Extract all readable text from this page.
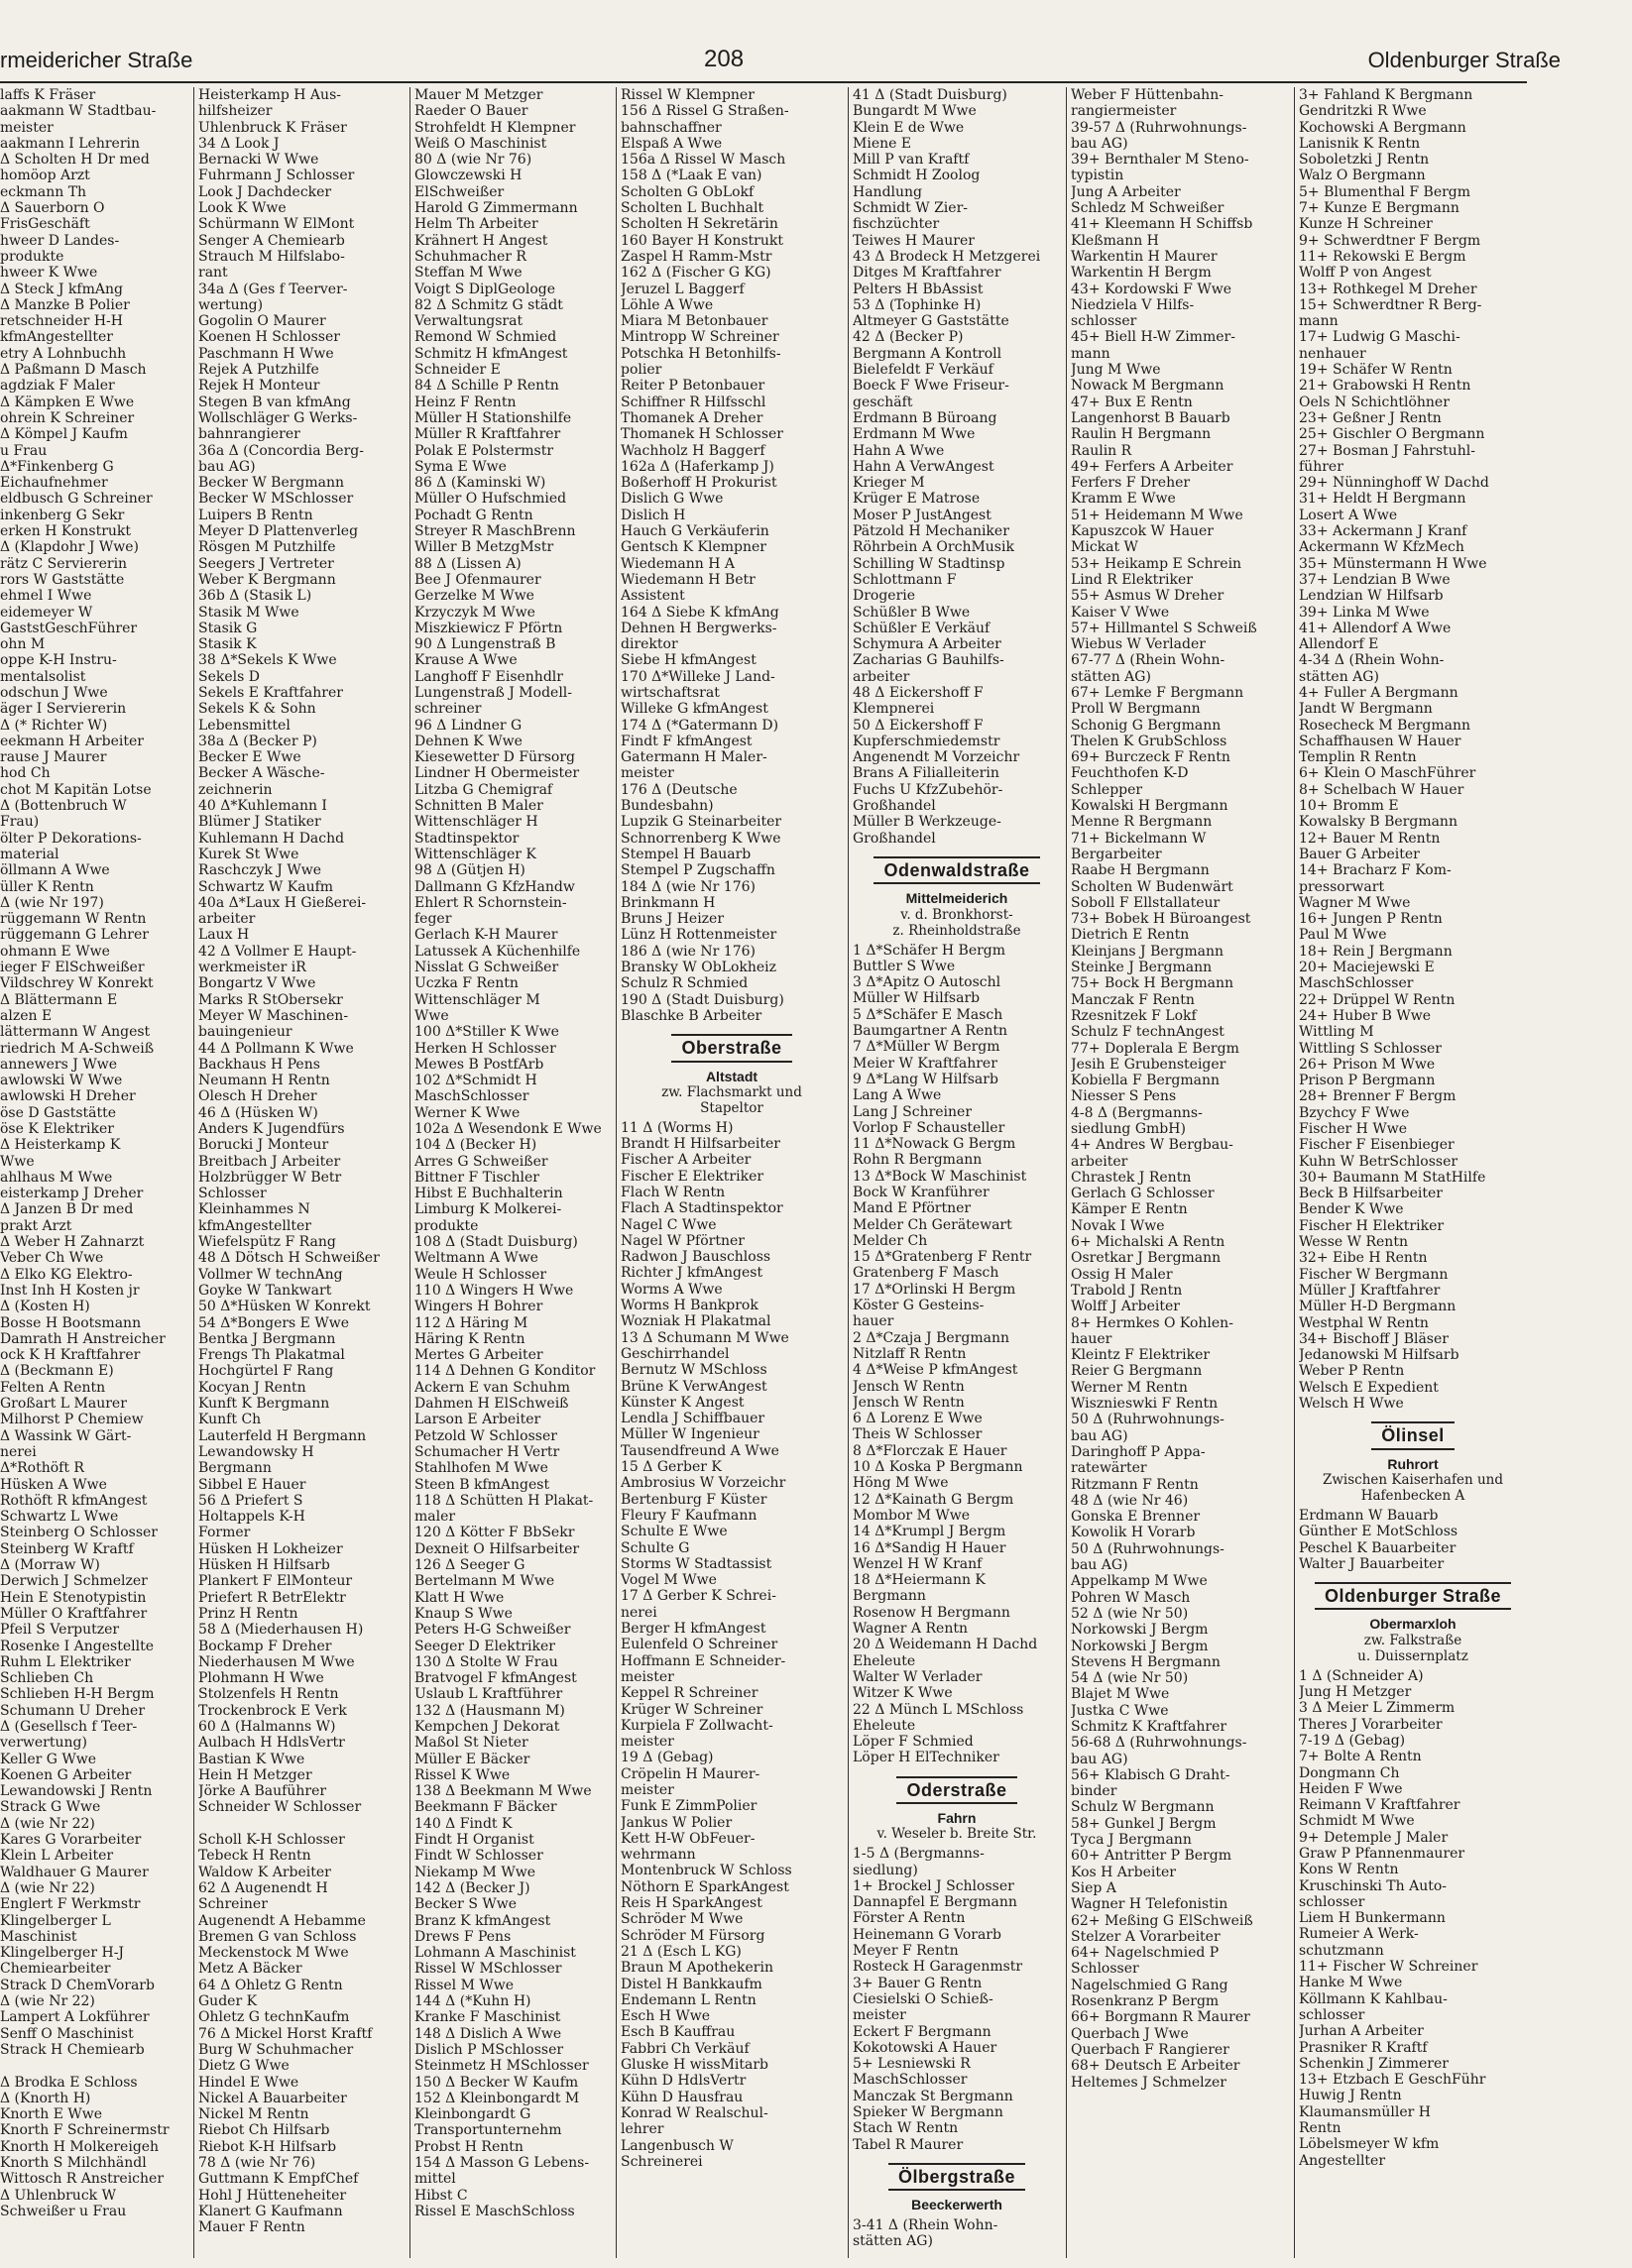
rmeidericher Straße	208	Oldenburger Straße
laffs K Fräser
aakmann W Stadtbau-
meister
aakmann I Lehrerin
Δ Scholten H Dr med
homöop Arzt
eckmann Th
Δ Sauerborn O
FrisGeschäft
hweer D Landes-
produkte
hweer K Wwe
Δ Steck J kfmAng
Δ Manzke B Polier
retschneider H-H
kfmAngestellter
etry A Lohnbuchh
Δ Paßmann D Masch
agdziak F Maler
Δ Kämpken E Wwe
ohrein K Schreiner
Δ Kömpel J Kaufm
u Frau
Δ*Finkenberg G
Eichaufnehmer
eldbusch G Schreiner
inkenberg G Sekr
erken H Konstrukt
Δ (Klapdohr J Wwe)
rätz C Serviererin
rors W Gaststätte
ehmel I Wwe
eidemeyer W
GaststGeschFührer
ohn M
oppe K-H Instru-
mentalsolist
odschun J Wwe
äger I Serviererin
Δ (* Richter W)
eekmann H Arbeiter
rause J Maurer
hod Ch
chot M Kapitän Lotse
Δ (Bottenbruch W
Frau)
ölter P Dekorations-
material
öllmann A Wwe
üller K Rentn
Δ (wie Nr 197)
rüggemann W Rentn
rüggemann G Lehrer
ohmann E Wwe
ieger F ElSchweißer
Vildschrey W Konrekt
Δ Blättermann E
alzen E
lättermann W Angest
riedrich M A-Schweiß
annewers J Wwe
awlowski W Wwe
awlowski H Dreher
öse D Gaststätte
öse K Elektriker
Δ Heisterkamp K
Wwe
ahlhaus M Wwe
eisterkamp J Dreher
Δ Janzen B Dr med
prakt Arzt
Δ Weber H Zahnarzt
Veber Ch Wwe
Δ Elko KG Elektro-
Inst Inh H Kosten jr
Δ (Kosten H)
Bosse H Bootsmann
Damrath H Anstreicher
ock K H Kraftfahrer
Δ (Beckmann E)
Felten A Rentn
Großart L Maurer
Milhorst P Chemiew
Δ Wassink W Gärt-
nerei
Δ*Rothöft R
Hüsken A Wwe
Rothöft R kfmAngest
Schwartz L Wwe
Steinberg O Schlosser
Steinberg W Kraftf
Δ (Morraw W)
Derwich J Schmelzer
Hein E Stenotypistin
Müller O Kraftfahrer
Pfeil S Verputzer
Rosenke I Angestellte
Ruhm L Elektriker
Schlieben Ch
Schlieben H-H Bergm
Schumann U Dreher
Δ (Gesellsch f Teer-
verwertung)
Keller G Wwe
Koenen G Arbeiter
Lewandowski J Rentn
Strack G Wwe
Δ (wie Nr 22)
Kares G Vorarbeiter
Klein L Arbeiter
Waldhauer G Maurer
Δ (wie Nr 22)
Englert F Werkmstr
Klingelberger L
Maschinist
Klingelberger H-J
Chemiearbeiter
Strack D ChemVorarb
Δ (wie Nr 22)
Lampert A Lokführer
Senff O Maschinist
Strack H Chemiearb

Δ Brodka E Schloss
Δ (Knorth H)
Knorth E Wwe
Knorth F Schreinermstr
Knorth H Molkereigeh
Knorth S Milchhändl
Wittosch R Anstreicher
Δ Uhlenbruck W
Schweißer u Frau
Heisterkamp H Aus-
hilfsheizer
Uhlenbruck K Fräser
34 Δ Look J
Bernacki W Wwe
Fuhrmann J Schlosser
Look J Dachdecker
Look K Wwe
Schürmann W ElMont
Senger A Chemiearb
Strauch M Hilfslabo-
rant
34a Δ (Ges f Teerver-
wertung)
Gogolin O Maurer
Koenen H Schlosser
Paschmann H Wwe
Rejek A Putzhilfe
Rejek H Monteur
Stegen B van kfmAng
Wollschläger G Werks-
bahnrangierer
36a Δ (Concordia Berg-
bau AG)
Becker W Bergmann
Becker W MSchlosser
Luipers B Rentn
Meyer D Plattenverleg
Rösgen M Putzhilfe
Seegers J Vertreter
Weber K Bergmann
36b Δ (Stasik L)
Stasik M Wwe
Stasik G
Stasik K
38 Δ*Sekels K Wwe
Sekels D
Sekels E Kraftfahrer
Sekels K & Sohn
Lebensmittel
38a Δ (Becker P)
Becker E Wwe
Becker A Wäsche-
zeichnerin
40 Δ*Kuhlemann I
Blümer J Statiker
Kuhlemann H Dachd
Kurek St Wwe
Raschczyk J Wwe
Schwartz W Kaufm
40a Δ*Laux H Gießerei-
arbeiter
Laux H
42 Δ Vollmer E Haupt-
werkmeister iR
Bongartz V Wwe
Marks R StObersekr
Meyer W Maschinen-
bauingenieur
44 Δ Pollmann K Wwe
Backhaus H Pens
Neumann H Rentn
Olesch H Dreher
46 Δ (Hüsken W)
Anders K Jugendfürs
Borucki J Monteur
Breitbach J Arbeiter
Holzbrügger W Betr
Schlosser
Kleinhammes N
kfmAngestellter
Wiefelspütz F Rang
48 Δ Dötsch H Schweißer
Vollmer W technAng
Goyke W Tankwart
50 Δ*Hüsken W Konrekt
54 Δ*Bongers E Wwe
Bentka J Bergmann
Frengs Th Plakatmal
Hochgürtel F Rang
Kocyan J Rentn
Kunft K Bergmann
Kunft Ch
Lauterfeld H Bergmann
Lewandowsky H
Bergmann
Sibbel E Hauer
56 Δ Priefert S
Holtappels K-H
Former
Hüsken H Lokheizer
Hüsken H Hilfsarb
Plankert F ElMonteur
Priefert R BetrElektr
Prinz H Rentn
58 Δ (Miederhausen H)
Bockamp F Dreher
Niederhausen M Wwe
Plohmann H Wwe
Stolzenfels H Rentn
Trockenbrock E Verk
60 Δ (Halmanns W)
Aulbach H HdlsVertr
Bastian K Wwe
Hein H Metzger
Jörke A Bauführer
Schneider W Schlosser

Scholl K-H Schlosser
Tebeck H Rentn
Waldow K Arbeiter
62 Δ Augenendt H
Schreiner
Augenendt A Hebamme
Bremen G van Schloss
Meckenstock M Wwe
Metz A Bäcker
64 Δ Ohletz G Rentn
Guder K
Ohletz G technKaufm
76 Δ Mickel Horst Kraftf
Burg W Schuhmacher
Dietz G Wwe
Hindel E Wwe
Nickel A Bauarbeiter
Nickel M Rentn
Riebot Ch Hilfsarb
Riebot K-H Hilfsarb
78 Δ (wie Nr 76)
Guttmann K EmpfChef
Hohl J Hütteneheiter
Klanert G Kaufmann
Mauer F Rentn
Mauer M Metzger
Raeder O Bauer
Strohfeldt H Klempner
Weiß O Maschinist
80 Δ (wie Nr 76)
Glowczewski H
ElSchweißer
Harold G Zimmermann
Helm Th Arbeiter
Krähnert H Angest
Schuhmacher R
Steffan M Wwe
Voigt S DiplGeologe
82 Δ Schmitz G städt
Verwaltungsrat
Remond W Schmied
Schmitz H kfmAngest
Schneider E
84 Δ Schille P Rentn
Heinz F Rentn
Müller H Stationshilfe
Müller R Kraftfahrer
Polak E Polstermstr
Syma E Wwe
86 Δ (Kaminski W)
Müller O Hufschmied
Pochadt G Rentn
Streyer R MaschBrenn
Willer B MetzgMstr
88 Δ (Lissen A)
Bee J Ofenmaurer
Gerzelke M Wwe
Krzyczyk M Wwe
Miszkiewicz F Pförtn
90 Δ Lungenstraß B
Krause A Wwe
Langhoff F Eisenhdlr
Lungenstraß J Modell-
schreiner
96 Δ Lindner G
Dehnen K Wwe
Kiesewetter D Fürsorg
Lindner H Obermeister
Litzba G Chemigraf
Schnitten B Maler
Wittenschläger H
Stadtinspektor
Wittenschläger K
98 Δ (Gütjen H)
Dallmann G KfzHandw
Ehlert R Schornstein-
feger
Gerlach K-H Maurer
Latussek A Küchenhilfe
Nisslat G Schweißer
Uczka F Rentn
Wittenschläger M
Wwe
100 Δ*Stiller K Wwe
Herken H Schlosser
Mewes B PostfArb
102 Δ*Schmidt H
MaschSchlosser
Werner K Wwe
102a Δ Wesendonk E Wwe
104 Δ (Becker H)
Arres G Schweißer
Bittner F Tischler
Hibst E Buchhalterin
Limburg K Molkerei-
produkte
108 Δ (Stadt Duisburg)
Weltmann A Wwe
Weule H Schlosser
110 Δ Wingers H Wwe
Wingers H Bohrer
112 Δ Häring M
Häring K Rentn
Mertes G Arbeiter
114 Δ Dehnen G Konditor
Ackern E van Schuhm
Dahmen H ElSchweiß
Larson E Arbeiter
Petzold W Schlosser
Schumacher H Vertr
Stahlhofen M Wwe
Steen B kfmAngest
118 Δ Schütten H Plakat-
maler
120 Δ Kötter F BbSekr
Dexneit O Hilfsarbeiter
126 Δ Seeger G
Bertelmann M Wwe
Klatt H Wwe
Knaup S Wwe
Peters H-G Schweißer
Seeger D Elektriker
130 Δ Stolte W Frau
Bratvogel F kfmAngest
Uslaub L Kraftführer
132 Δ (Hausmann M)
Kempchen J Dekorat
Maßol St Nieter
Müller E Bäcker
Rissel K Wwe
138 Δ Beekmann M Wwe
Beekmann F Bäcker
140 Δ Findt K
Findt H Organist
Findt W Schlosser
Niekamp M Wwe
142 Δ (Becker J)
Becker S Wwe
Branz K kfmAngest
Drews F Pens
Lohmann A Maschinist
Rissel W MSchlosser
Rissel M Wwe
144 Δ (*Kuhn H)
Kranke F Maschinist
148 Δ Dislich A Wwe
Dislich P MSchlosser
Steinmetz H MSchlosser
150 Δ Becker W Kaufm
152 Δ Kleinbongardt M
Kleinbongardt G
Transportunternehm
Probst H Rentn
154 Δ Masson G Lebens-
mittel
Hibst C
Rissel E MaschSchloss
Rissel W Klempner
156 Δ Rissel G Straßen-
bahnschaffner
Elspaß A Wwe
156a Δ Rissel W Masch
158 Δ (*Laak E van)
Scholten G ObLokf
Scholten L Buchhalt
Scholten H Sekretärin
160 Bayer H Konstrukt
Zaspel H Ramm-Mstr
162 Δ (Fischer G KG)
Jeruzel L Baggerf
Löhle A Wwe
Miara M Betonbauer
Mintropp W Schreiner
Potschka H Betonhilfs-
polier
Reiter P Betonbauer
Schiffner R Hilfsschl
Thomanek A Dreher
Thomanek H Schlosser
Wachholz H Baggerf
162a Δ (Haferkamp J)
Boßerhoff H Prokurist
Dislich G Wwe
Dislich H
Hauch G Verkäuferin
Gentsch K Klempner
Wiedemann H A
Wiedemann H Betr
Assistent
164 Δ Siebe K kfmAng
Dehnen H Bergwerks-
direktor
Siebe H kfmAngest
170 Δ*Willeke J Land-
wirtschaftsrat
Willeke G kfmAngest
174 Δ (*Gatermann D)
Findt F kfmAngest
Gatermann H Maler-
meister
176 Δ (Deutsche
Bundesbahn)
Lupzik G Steinarbeiter
Schnorrenberg K Wwe
Stempel H Bauarb
Stempel P Zugschaffn
184 Δ (wie Nr 176)
Brinkmann H
Bruns J Heizer
Lünz H Rottenmeister
186 Δ (wie Nr 176)
Bransky W ObLokheiz
Schulz R Schmied
190 Δ (Stadt Duisburg)
Blaschke B Arbeiter
Oberstraße
Altstadt
zw. Flachsmarkt und
Stapeltor
11 Δ (Worms H)
Brandt H Hilfsarbeiter
Fischer A Arbeiter
Fischer E Elektriker
Flach W Rentn
Flach A Stadtinspektor
Nagel C Wwe
Nagel W Pförtner
Radwon J Bauschloss
Richter J kfmAngest
Worms A Wwe
Worms H Bankprok
Wozniak H Plakatmal
13 Δ Schumann M Wwe
Geschirrhandel
Bernutz W MSchloss
Brüne K VerwAngest
Künster K Angest
Lendla J Schiffbauer
Müller W Ingenieur
Tausendfreund A Wwe
15 Δ Gerber K
Ambrosius W Vorzeichr
Bertenburg F Küster
Fleury F Kaufmann
Schulte E Wwe
Schulte G
Storms W Stadtassist
Vogel M Wwe
17 Δ Gerber K Schrei-
nerei
Berger H kfmAngest
Eulenfeld O Schreiner
Hoffmann E Schneider-
meister
Keppel R Schreiner
Krüger W Schreiner
Kurpiela F Zollwacht-
meister
19 Δ (Gebag)
Cröpelin H Maurer-
meister
Funk E ZimmPolier
Jankus W Polier
Kett H-W ObFeuer-
wehrmann
Montenbruck W Schloss
Nöthorn E SparkAngest
Reis H SparkAngest
Schröder M Wwe
Schröder M Fürsorg
21 Δ (Esch L KG)
Braun M Apothekerin
Distel H Bankkaufm
Endemann L Rentn
Esch H Wwe
Esch B Kauffrau
Fabbri Ch Verkäuf
Gluske H wissMitarb
Kühn D HdlsVertr
Kühn D Hausfrau
Konrad W Realschul-
lehrer
Langenbusch W
Schreinerei
41 Δ (Stadt Duisburg)
Bungardt M Wwe
Klein E de Wwe
Miene E
Mill P van Kraftf
Schmidt H Zoolog
Handlung
Schmidt W Zier-
fischzüchter
Teiwes H Maurer
43 Δ Brodeck H Metzgerei
Ditges M Kraftfahrer
Pelters H BbAssist
53 Δ (Tophinke H)
Altmeyer G Gaststätte
42 Δ (Becker P)
Bergmann A Kontroll
Bielefeldt F Verkäuf
Boeck F Wwe Friseur-
geschäft
Erdmann B Büroang
Erdmann M Wwe
Hahn A Wwe
Hahn A VerwAngest
Krieger M
Krüger E Matrose
Moser P JustAngest
Pätzold H Mechaniker
Röhrbein A OrchMusik
Schilling W Stadtinsp
Schlottmann F
Drogerie
Schüßler B Wwe
Schüßler E Verkäuf
Schymura A Arbeiter
Zacharias G Bauhilfs-
arbeiter
48 Δ Eickershoff F
Klempnerei
50 Δ Eickershoff F
Kupferschmiedemstr
Angenendt M Vorzeichr
Brans A Filialleiterin
Fuchs U KfzZubehör-
Großhandel
Müller B Werkzeuge-
Großhandel
Odenwaldstraße
Mittelmeiderich
v. d. Bronkhorst-
z. Rheinholdstraße
1 Δ*Schäfer H Bergm
Buttler S Wwe
3 Δ*Apitz O Autoschl
Müller W Hilfsarb
5 Δ*Schäfer E Masch
Baumgartner A Rentn
7 Δ*Müller W Bergm
Meier W Kraftfahrer
9 Δ*Lang W Hilfsarb
Lang A Wwe
Lang J Schreiner
Vorlop F Schausteller
11 Δ*Nowack G Bergm
Rohn R Bergmann
13 Δ*Bock W Maschinist
Bock W Kranführer
Mand E Pförtner
Melder Ch Gerätewart
Melder Ch
15 Δ*Gratenberg F Rentr
Gratenberg F Masch
17 Δ*Orlinski H Bergm
Köster G Gesteins-
hauer
2 Δ*Czaja J Bergmann
Nitzlaff R Rentn
4 Δ*Weise P kfmAngest
Jensch W Rentn
Jensch W Rentn
6 Δ Lorenz E Wwe
Theis W Schlosser
8 Δ*Florczak E Hauer
10 Δ Koska P Bergmann
Höng M Wwe
12 Δ*Kainath G Bergm
Mombor M Wwe
14 Δ*Krumpl J Bergm
16 Δ*Sandig H Hauer
Wenzel H W Kranf
18 Δ*Heiermann K
Bergmann
Rosenow H Bergmann
Wagner A Rentn
20 Δ Weidemann H Dachd
Eheleute
Walter W Verlader
Witzer K Wwe
22 Δ Münch L MSchloss
Eheleute
Löper F Schmied
Löper H ElTechniker
Oderstraße
Fahrn
v. Weseler b. Breite Str.
1-5 Δ (Bergmanns-
siedlung)
1+ Brockel J Schlosser
Dannapfel E Bergmann
Förster A Rentn
Heinemann G Vorarb
Meyer F Rentn
Rosteck H Garagenmstr
3+ Bauer G Rentn
Ciesielski O Schieß-
meister
Eckert F Bergmann
Kokotowski A Hauer
5+ Lesniewski R
MaschSchlosser
Manczak St Bergmann
Spieker W Bergmann
Stach W Rentn
Tabel R Maurer
Ölbergstraße
Beeckerwerth
3-41 Δ (Rhein Wohn-
stätten AG)
Weber F Hüttenbahn-
rangiermeister
39-57 Δ (Ruhrwohnungs-
bau AG)
39+ Bernthaler M Steno-
typistin
Jung A Arbeiter
Schledz M Schweißer
41+ Kleemann H Schiffsb
Kleßmann H
Warkentin H Maurer
Warkentin H Bergm
43+ Kordowski F Wwe
Niedziela V Hilfs-
schlosser
45+ Biell H-W Zimmer-
mann
Jung M Wwe
Nowack M Bergmann
47+ Bux E Rentn
Langenhorst B Bauarb
Raulin H Bergmann
Raulin R
49+ Ferfers A Arbeiter
Ferfers F Dreher
Kramm E Wwe
51+ Heidemann M Wwe
Kapuszcok W Hauer
Mickat W
53+ Heikamp E Schrein
Lind R Elektriker
55+ Asmus W Dreher
Kaiser V Wwe
57+ Hillmantel S Schweiß
Wiebus W Verlader
67-77 Δ (Rhein Wohn-
stätten AG)
67+ Lemke F Bergmann
Proll W Bergmann
Schonig G Bergmann
Thelen K GrubSchloss
69+ Burczeck F Rentn
Feuchthofen K-D
Schlepper
Kowalski H Bergmann
Menne R Bergmann
71+ Bickelmann W
Bergarbeiter
Raabe H Bergmann
Scholten W Budenwärt
Soboll F Ellstallateur
73+ Bobek H Büroangest
Dietrich E Rentn
Kleinjans J Bergmann
Steinke J Bergmann
75+ Bock H Bergmann
Manczak F Rentn
Rzesnitzek F Lokf
Schulz F technAngest
77+ Doplerala E Bergm
Jesih E Grubensteiger
Kobiella F Bergmann
Niesser S Pens
4-8 Δ (Bergmanns-
siedlung GmbH)
4+ Andres W Bergbau-
arbeiter
Chrastek J Rentn
Gerlach G Schlosser
Kämper E Rentn
Novak I Wwe
6+ Michalski A Rentn
Osretkar J Bergmann
Ossig H Maler
Trabold J Rentn
Wolff J Arbeiter
8+ Hermkes O Kohlen-
hauer
Kleintz F Elektriker
Reier G Bergmann
Werner M Rentn
Wisznieswki F Rentn
50 Δ (Ruhrwohnungs-
bau AG)
Daringhoff P Appa-
ratewärter
Ritzmann F Rentn
48 Δ (wie Nr 46)
Gonska E Brenner
Kowolik H Vorarb
50 Δ (Ruhrwohnungs-
bau AG)
Appelkamp M Wwe
Pohren W Masch
52 Δ (wie Nr 50)
Norkowski J Bergm
Norkowski J Bergm
Stevens H Bergmann
54 Δ (wie Nr 50)
Blajet M Wwe
Justka C Wwe
Schmitz K Kraftfahrer
56-68 Δ (Ruhrwohnungs-
bau AG)
56+ Klabisch G Draht-
binder
Schulz W Bergmann
58+ Gunkel J Bergm
Tyca J Bergmann
60+ Antritter P Bergm
Kos H Arbeiter
Siep A
Wagner H Telefonistin
62+ Meßing G ElSchweiß
Stelzer A Vorarbeiter
64+ Nagelschmied P
Schlosser
Nagelschmied G Rang
Rosenkranz P Bergm
66+ Borgmann R Maurer
Querbach J Wwe
Querbach F Rangierer
68+ Deutsch E Arbeiter
Heltemes J Schmelzer
3+ Fahland K Bergmann
Gendritzki R Wwe
Kochowski A Bergmann
Lanisnik K Rentn
Soboletzki J Rentn
Walz O Bergmann
5+ Blumenthal F Bergm
7+ Kunze E Bergmann
Kunze H Schreiner
9+ Schwerdtner F Bergm
11+ Rekowski E Bergm
Wolff P von Angest
13+ Rothkegel M Dreher
15+ Schwerdtner R Berg-
mann
17+ Ludwig G Maschi-
nenhauer
19+ Schäfer W Rentn
21+ Grabowski H Rentn
Oels N Schichtlöhner
23+ Geßner J Rentn
25+ Gischler O Bergmann
27+ Bosman J Fahrstuhl-
führer
29+ Nünninghoff W Dachd
31+ Heldt H Bergmann
Losert A Wwe
33+ Ackermann J Kranf
Ackermann W KfzMech
35+ Münstermann H Wwe
37+ Lendzian B Wwe
Lendzian W Hilfsarb
39+ Linka M Wwe
41+ Allendorf A Wwe
Allendorf E
4-34 Δ (Rhein Wohn-
stätten AG)
4+ Fuller A Bergmann
Jandt W Bergmann
Rosecheck M Bergmann
Schaffhausen W Hauer
Templin R Rentn
6+ Klein O MaschFührer
8+ Schelbach W Hauer
10+ Bromm E
Kowalsky B Bergmann
12+ Bauer M Rentn
Bauer G Arbeiter
14+ Bracharz F Kom-
pressorwart
Wagner M Wwe
16+ Jungen P Rentn
Paul M Wwe
18+ Rein J Bergmann
20+ Maciejewski E
MaschSchlosser
22+ Drüppel W Rentn
24+ Huber B Wwe
Wittling M
Wittling S Schlosser
26+ Prison M Wwe
Prison P Bergmann
28+ Brenner F Bergm
Bzychcy F Wwe
Fischer H Wwe
Fischer F Eisenbieger
Kuhn W BetrSchlosser
30+ Baumann M StatHilfe
Beck B Hilfsarbeiter
Bender K Wwe
Fischer H Elektriker
Wesse W Rentn
32+ Eibe H Rentn
Fischer W Bergmann
Müller J Kraftfahrer
Müller H-D Bergmann
Westphal W Rentn
34+ Bischoff J Bläser
Jedanowski M Hilfsarb
Weber P Rentn
Welsch E Expedient
Welsch H Wwe
Ölinsel
Ruhrort
Zwischen Kaiserhafen und
Hafenbecken A
Erdmann W Bauarb
Günther E MotSchloss
Peschel K Bauarbeiter
Walter J Bauarbeiter
Oldenburger Straße
Obermarxloh
zw. Falkstraße
u. Duissernplatz
1 Δ (Schneider A)
Jung H Metzger
3 Δ Meier L Zimmerm
Theres J Vorarbeiter
7-19 Δ (Gebag)
7+ Bolte A Rentn
Dongmann Ch
Heiden F Wwe
Reimann V Kraftfahrer
Schmidt M Wwe
9+ Detemple J Maler
Graw P Pfannenmaurer
Kons W Rentn
Kruschinski Th Auto-
schlosser
Liem H Bunkermann
Rumeier A Werk-
schutzmann
11+ Fischer W Schreiner
Hanke M Wwe
Köllmann K Kahlbau-
schlosser
Jurhan A Arbeiter
Prasniker R Kraftf
Schenkin J Zimmerer
13+ Etzbach E GeschFühr
Huwig J Rentn
Klaumansmüller H
Rentn
Löbelsmeyer W kfm
Angestellter
